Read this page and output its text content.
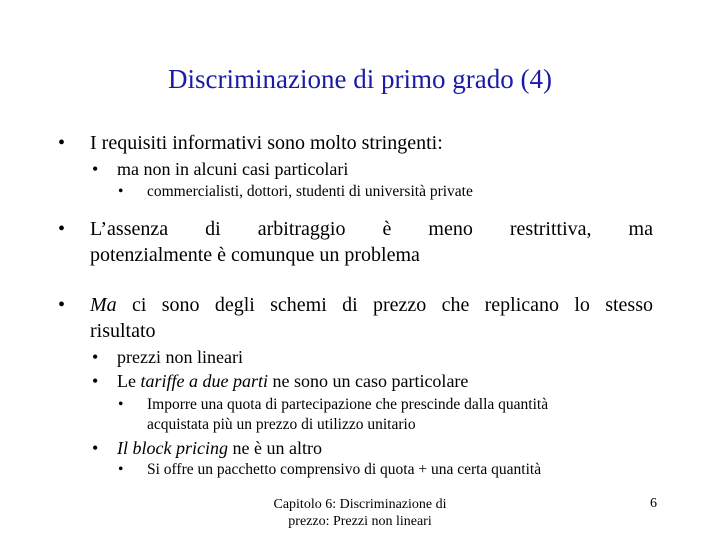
Discriminazione di primo grado (4)
• I requisiti informativi sono molto stringenti:
• ma non in alcuni casi particolari
• commercialisti, dottori, studenti di università private
• L’assenza di arbitraggio è meno restrittiva, ma
potenzialmente è comunque un problema
• Ma ci sono degli schemi di prezzo che replicano lo stesso
risultato
• prezzi non lineari
• Le tariffe a due parti ne sono un caso particolare
• Imporre una quota di partecipazione che prescinde dalla quantità
acquistata più un prezzo di utilizzo unitario
• Il block pricing ne è un altro
• Si offre un pacchetto comprensivo di quota + una certa quantità
Capitolo 6: Discriminazione di
prezzo: Prezzi non lineari
6
